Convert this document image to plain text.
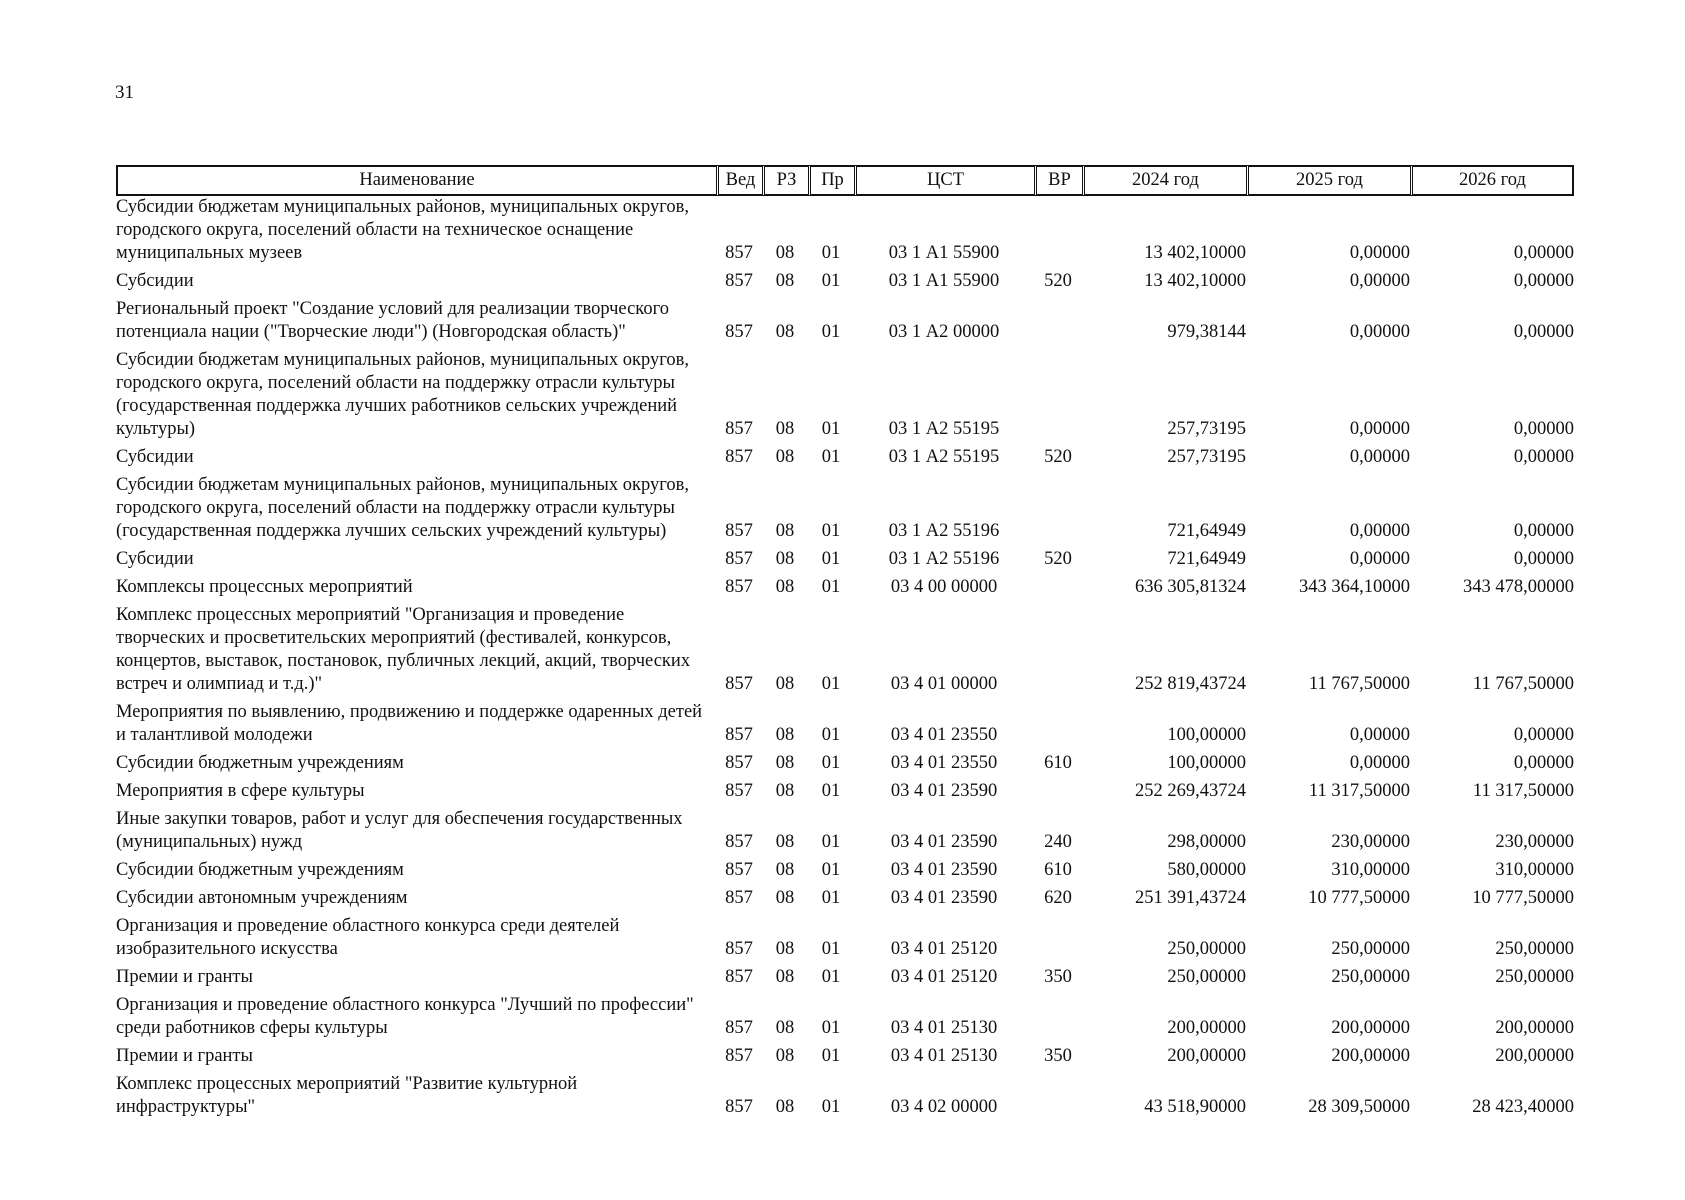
31
Наименование	Вед	РЗ	Пр	ЦСТ	ВР	2024 год	2025 год	2026 год
Субсидии бюджетам муниципальных районов, муниципальных округов, городского округа, поселений области на техническое оснащение муниципальных музеев	857	08	01	03 1 А1 55900		13 402,10000	0,00000	0,00000
Субсидии	857	08	01	03 1 А1 55900	520	13 402,10000	0,00000	0,00000
Региональный проект "Создание условий для реализации творческого потенциала нации ("Творческие люди") (Новгородская область)"	857	08	01	03 1 А2 00000		979,38144	0,00000	0,00000
Субсидии бюджетам муниципальных районов, муниципальных округов, городского округа, поселений области на поддержку отрасли культуры (государственная поддержка лучших работников сельских учреждений культуры)	857	08	01	03 1 А2 55195		257,73195	0,00000	0,00000
Субсидии	857	08	01	03 1 А2 55195	520	257,73195	0,00000	0,00000
Субсидии бюджетам муниципальных районов, муниципальных округов, городского округа, поселений области на поддержку отрасли культуры (государственная поддержка лучших сельских учреждений культуры)	857	08	01	03 1 А2 55196		721,64949	0,00000	0,00000
Субсидии	857	08	01	03 1 А2 55196	520	721,64949	0,00000	0,00000
Комплексы процессных мероприятий	857	08	01	03 4 00 00000		636 305,81324	343 364,10000	343 478,00000
Комплекс процессных мероприятий "Организация и проведение творческих и просветительских мероприятий (фестивалей, конкурсов, концертов, выставок, постановок, публичных лекций, акций, творческих встреч и олимпиад и т.д.)"	857	08	01	03 4 01 00000		252 819,43724	11 767,50000	11 767,50000
Мероприятия по выявлению, продвижению и поддержке одаренных детей и талантливой молодежи	857	08	01	03 4 01 23550		100,00000	0,00000	0,00000
Субсидии бюджетным учреждениям	857	08	01	03 4 01 23550	610	100,00000	0,00000	0,00000
Мероприятия в сфере культуры	857	08	01	03 4 01 23590		252 269,43724	11 317,50000	11 317,50000
Иные закупки товаров, работ и услуг для обеспечения государственных (муниципальных) нужд	857	08	01	03 4 01 23590	240	298,00000	230,00000	230,00000
Субсидии бюджетным учреждениям	857	08	01	03 4 01 23590	610	580,00000	310,00000	310,00000
Субсидии автономным учреждениям	857	08	01	03 4 01 23590	620	251 391,43724	10 777,50000	10 777,50000
Организация и проведение областного конкурса среди деятелей изобразительного искусства	857	08	01	03 4 01 25120		250,00000	250,00000	250,00000
Премии и гранты	857	08	01	03 4 01 25120	350	250,00000	250,00000	250,00000
Организация и проведение областного конкурса "Лучший по профессии" среди работников сферы культуры	857	08	01	03 4 01 25130		200,00000	200,00000	200,00000
Премии и гранты	857	08	01	03 4 01 25130	350	200,00000	200,00000	200,00000
Комплекс процессных мероприятий "Развитие культурной инфраструктуры"	857	08	01	03 4 02 00000		43 518,90000	28 309,50000	28 423,40000
